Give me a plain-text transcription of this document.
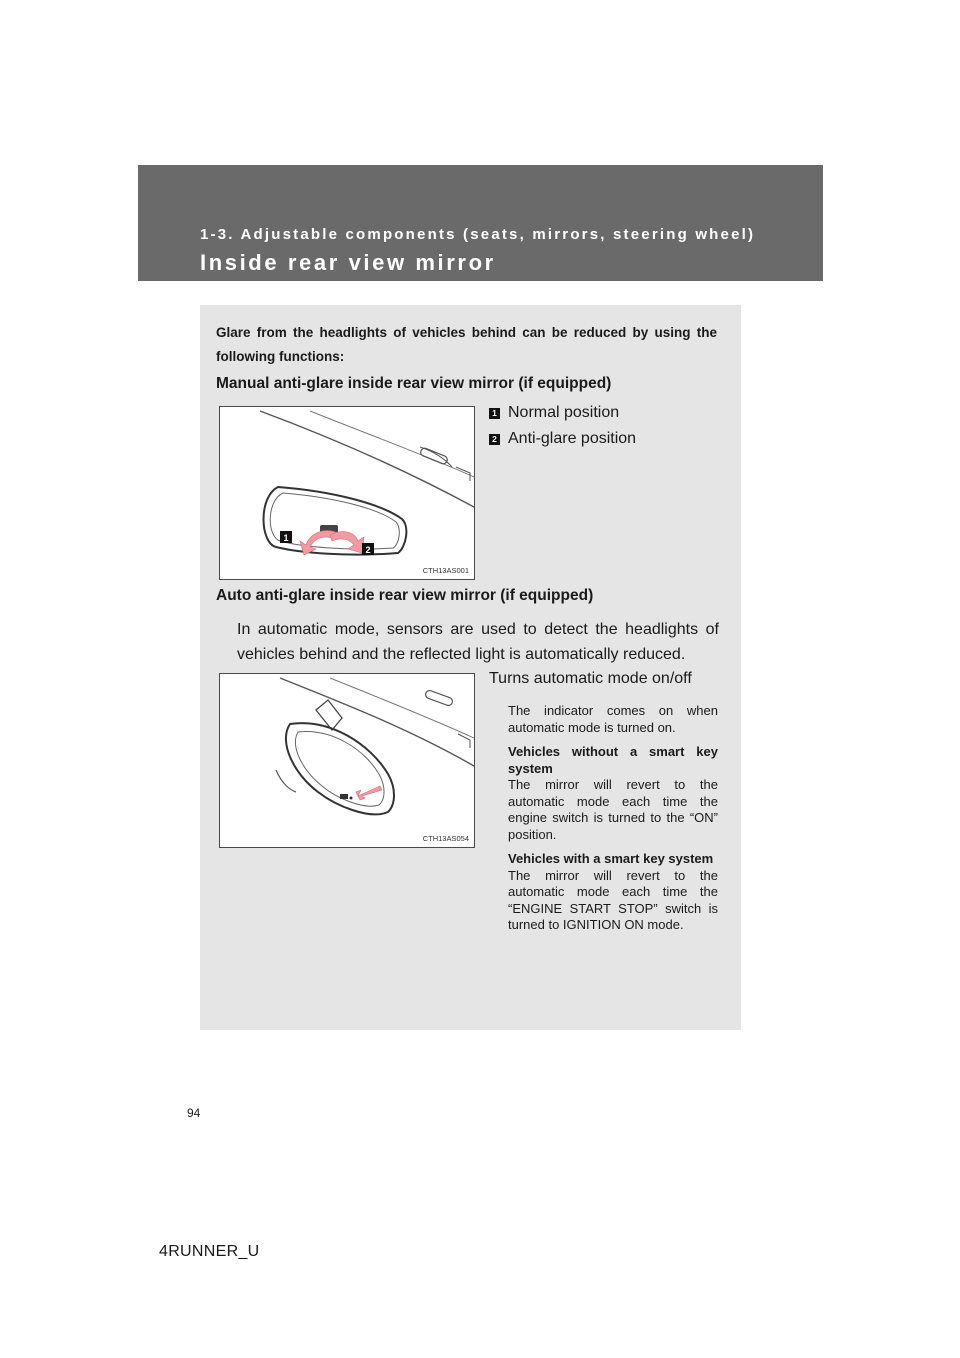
1-3. Adjustable components (seats, mirrors, steering wheel)
Inside rear view mirror
Glare from the headlights of vehicles behind can be reduced by using the following functions:
Manual anti-glare inside rear view mirror (if equipped)
1
2
CTH13AS001
1 Normal position
2 Anti-glare position
Auto anti-glare inside rear view mirror (if equipped)
In automatic mode, sensors are used to detect the headlights of vehicles behind and the reflected light is automatically reduced.
Turns automatic mode on/off
CTH13AS054

The indicator comes on when automatic mode is turned on.

Vehicles without a smart key system
The mirror will revert to the automatic mode each time the engine switch is turned to the “ON” position.

Vehicles with a smart key system
The mirror will revert to the automatic mode each time the “ENGINE START STOP” switch is turned to IGNITION ON mode.

94
4RUNNER_U
